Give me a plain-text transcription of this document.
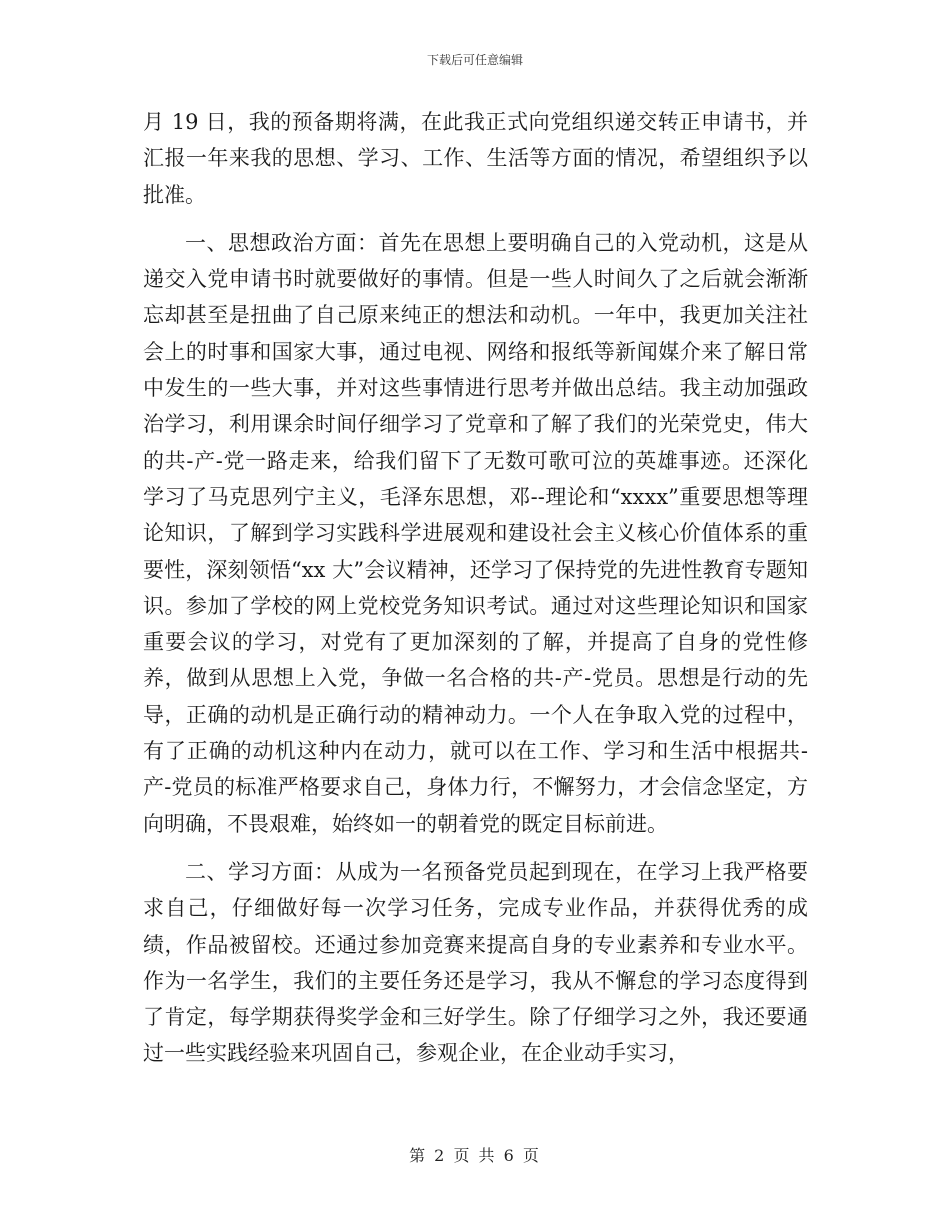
下载后可任意编辑

月 19 日，我的预备期将满，在此我正式向党组织递交转正申请书，并汇报一年来我的思想、学习、工作、生活等方面的情况，希望组织予以批准。

一、思想政治方面：首先在思想上要明确自己的入党动机，这是从递交入党申请书时就要做好的事情。但是一些人时间久了之后就会渐渐忘却甚至是扭曲了自己原来纯正的想法和动机。一年中，我更加关注社会上的时事和国家大事，通过电视、网络和报纸等新闻媒介来了解日常中发生的一些大事，并对这些事情进行思考并做出总结。我主动加强政治学习，利用课余时间仔细学习了党章和了解了我们的光荣党史，伟大的共-产-党一路走来，给我们留下了无数可歌可泣的英雄事迹。还深化学习了马克思列宁主义，毛泽东思想，邓--理论和“xxxx”重要思想等理论知识，了解到学习实践科学进展观和建设社会主义核心价值体系的重要性，深刻领悟“xx 大”会议精神，还学习了保持党的先进性教育专题知识。参加了学校的网上党校党务知识考试。通过对这些理论知识和国家重要会议的学习，对党有了更加深刻的了解，并提高了自身的党性修养，做到从思想上入党，争做一名合格的共-产-党员。思想是行动的先导，正确的动机是正确行动的精神动力。一个人在争取入党的过程中，有了正确的动机这种内在动力，就可以在工作、学习和生活中根据共-产-党员的标准严格要求自己，身体力行，不懈努力，才会信念坚定，方向明确，不畏艰难，始终如一的朝着党的既定目标前进。

二、学习方面：从成为一名预备党员起到现在，在学习上我严格要求自己，仔细做好每一次学习任务，完成专业作品，并获得优秀的成绩，作品被留校。还通过参加竞赛来提高自身的专业素养和专业水平。作为一名学生，我们的主要任务还是学习，我从不懈怠的学习态度得到了肯定，每学期获得奖学金和三好学生。除了仔细学习之外，我还要通过一些实践经验来巩固自己，参观企业，在企业动手实习，

第 2 页 共 6 页
